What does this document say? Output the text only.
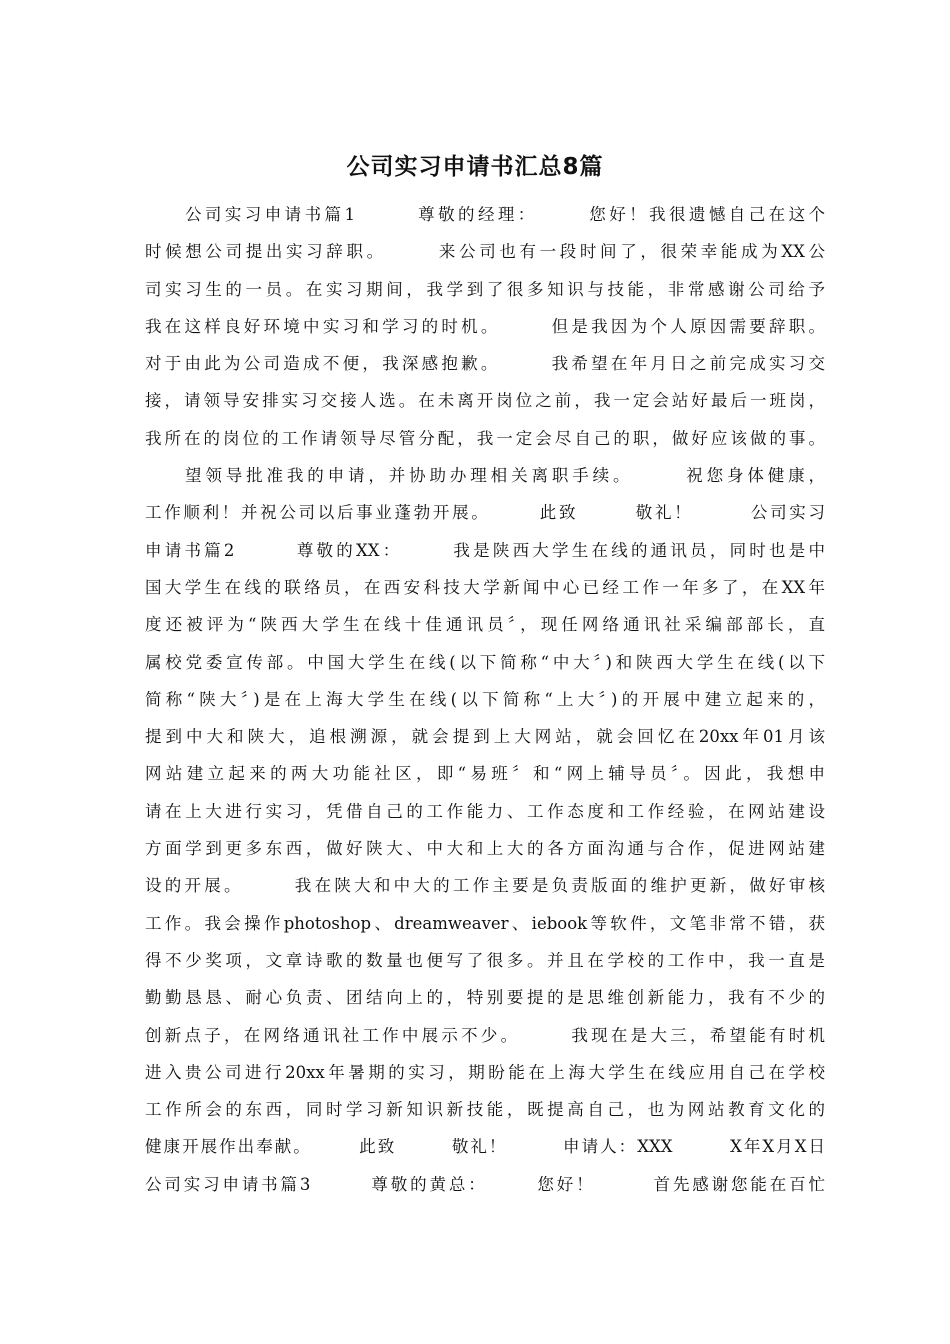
公司实习申请书汇总8篇
公司实习申请书篇1　　　尊敬的经理：　　　您好！我很遗憾自己在这个
时候想公司提出实习辞职。　　　来公司也有一段时间了，很荣幸能成为XX公
司实习生的一员。在实习期间，我学到了很多知识与技能，非常感谢公司给予
我在这样良好环境中实习和学习的时机。　　　但是我因为个人原因需要辞职。
对于由此为公司造成不便，我深感抱歉。　　　我希望在年月日之前完成实习交
接，请领导安排实习交接人选。在未离开岗位之前，我一定会站好最后一班岗，
我所在的岗位的工作请领导尽管分配，我一定会尽自己的职，做好应该做的事。
望领导批准我的申请，并协助办理相关离职手续。　　　祝您身体健康，
工作顺利！并祝公司以后事业蓬勃开展。　　　此致　　　敬礼！　　　公司实习
申请书篇2　　　尊敬的XX：　　　我是陕西大学生在线的通讯员，同时也是中
国大学生在线的联络员，在西安科技大学新闻中心已经工作一年多了，在XX年
度还被评为“陕西大学生在线十佳通讯员〞，现任网络通讯社采编部部长，直
属校党委宣传部。中国大学生在线(以下简称“中大〞)和陕西大学生在线(以下
简称“陕大〞)是在上海大学生在线(以下简称“上大〞)的开展中建立起来的，
提到中大和陕大，追根溯源，就会提到上大网站，就会回忆在20xx年01月该
网站建立起来的两大功能社区，即“易班〞和“网上辅导员〞。因此，我想申
请在上大进行实习，凭借自己的工作能力、工作态度和工作经验，在网站建设
方面学到更多东西，做好陕大、中大和上大的各方面沟通与合作，促进网站建
设的开展。　　　我在陕大和中大的工作主要是负责版面的维护更新，做好审核
工作。我会操作photoshop、dreamweaver、iebook等软件，文笔非常不错，获
得不少奖项，文章诗歌的数量也便写了很多。并且在学校的工作中，我一直是
勤勤恳恳、耐心负责、团结向上的，特别要提的是思维创新能力，我有不少的
创新点子，在网络通讯社工作中展示不少。　　　我现在是大三，希望能有时机
进入贵公司进行20xx年暑期的实习，期盼能在上海大学生在线应用自己在学校
工作所会的东西，同时学习新知识新技能，既提高自己，也为网站教育文化的
健康开展作出奉献。　　　此致　　　敬礼！　　　申请人：XXX　　　X年X月X日
公司实习申请书篇3　　　尊敬的黄总：　　　您好！　　　首先感谢您能在百忙
